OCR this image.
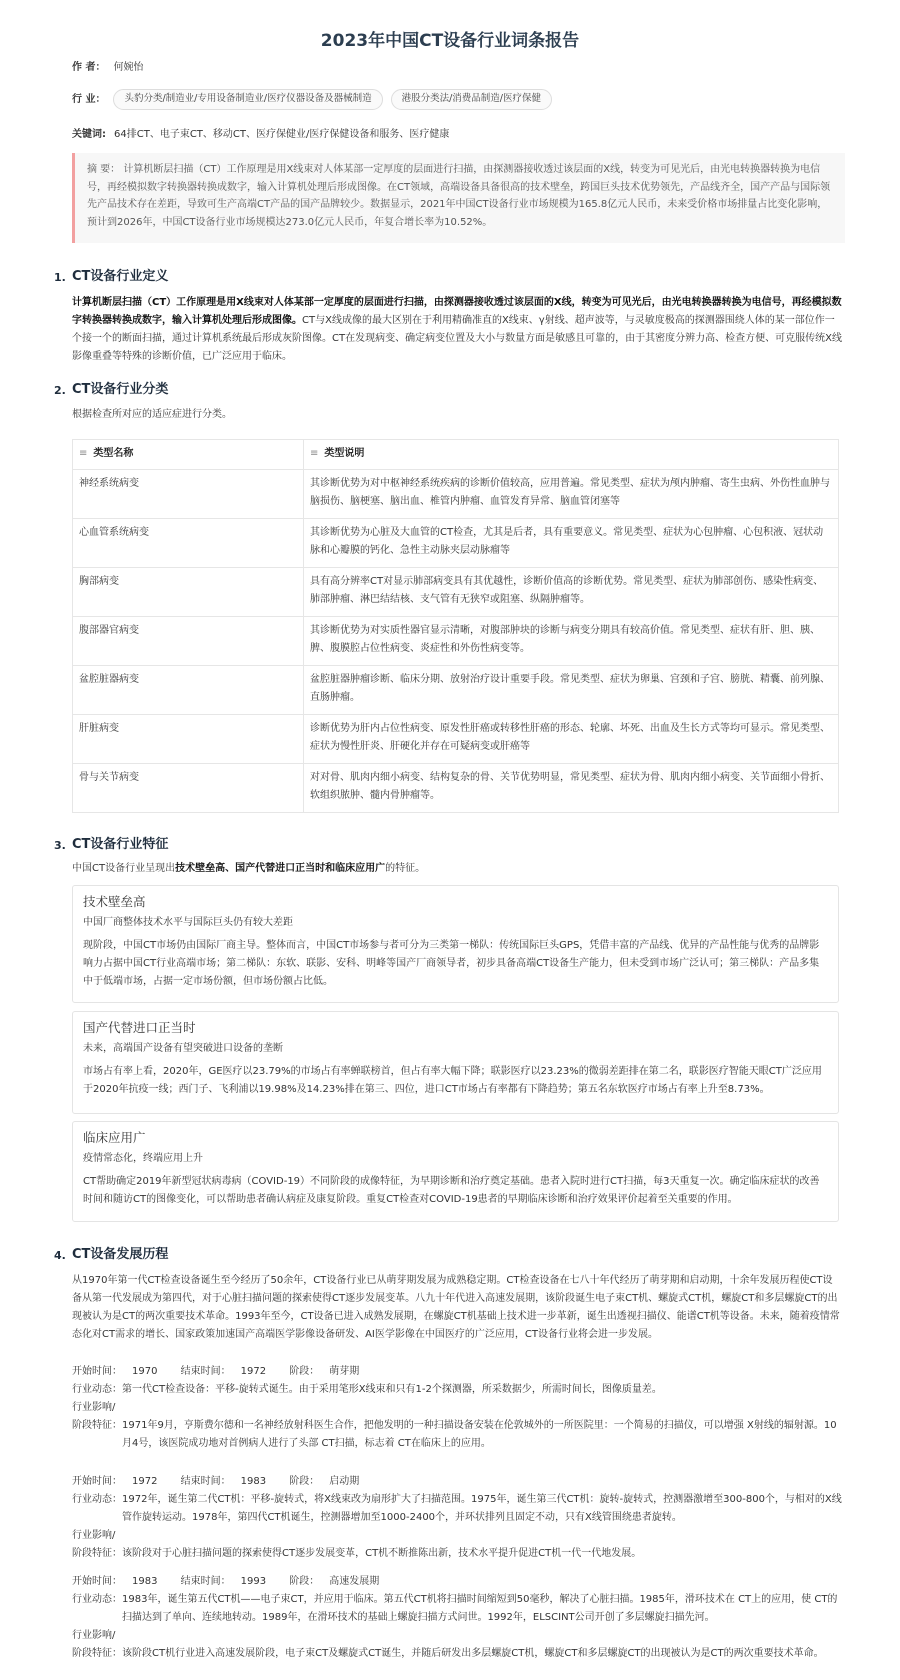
2023年中国CT设备行业词条报告
作 者： 何婉怡
行 业：	头豹分类/制造业/专用设备制造业/医疗仪器设备及器械制造	港股分类法/消费品制造/医疗保健
关键词: 64排CT、电子束CT、移动CT、医疗保健业/医疗保健设备和服务、医疗健康
摘 要： 计算机断层扫描（CT）工作原理是用X线束对人体某部一定厚度的层面进行扫描，由探测器接收透过该层面的X线，转变为可见光后，由光电转换器转换为电信号，再经模拟数字转换器转换成数字，输入计算机处理后形成图像。在CT领域，高端设备具备很高的技术壁垒，跨国巨头技术优势领先，产品线齐全，国产产品与国际领先产品技术存在差距，导致可生产高端CT产品的国产品牌较少。数据显示，2021年中国CT设备行业市场规模为165.8亿元人民币，未来受价格市场排量占比变化影响，预计到2026年，中国CT设备行业市场规模达273.0亿元人民币，年复合增长率为10.52%。
1. CT设备行业定义
计算机断层扫描（CT）工作原理是用X线束对人体某部一定厚度的层面进行扫描，由探测器接收透过该层面的X线，转变为可见光后，由光电转换器转换为电信号，再经模拟数字转换器转换成数字，输入计算机处理后形成图像。CT与X线成像的最大区别在于利用精确准直的X线束、γ射线、超声波等，与灵敏度极高的探测器围绕人体的某一部位作一个接一个的断面扫描，通过计算机系统最后形成灰阶图像。CT在发现病变、确定病变位置及大小与数量方面是敏感且可靠的，由于其密度分辨力高、检查方便、可克服传统X线影像重叠等特殊的诊断价值，已广泛应用于临床。
2. CT设备行业分类
根据检查所对应的适应症进行分类。
≡ 类型名称	≡ 类型说明
神经系统病变	其诊断优势为对中枢神经系统疾病的诊断价值较高，应用普遍。常见类型、症状为颅内肿瘤、寄生虫病、外伤性血肿与脑损伤、脑梗塞、脑出血、椎管内肿瘤、血管发育异常、脑血管闭塞等
心血管系统病变	其诊断优势为心脏及大血管的CT检查，尤其是后者，具有重要意义。常见类型、症状为心包肿瘤、心包积液、冠状动脉和心瓣膜的钙化、急性主动脉夹层动脉瘤等
胸部病变	具有高分辨率CT对显示肺部病变具有其优越性，诊断价值高的诊断优势。常见类型、症状为肺部创伤、感染性病变、肺部肿瘤、淋巴结结核、支气管有无狭窄或阻塞、纵隔肿瘤等。
腹部器官病变	其诊断优势为对实质性器官显示清晰，对腹部肿块的诊断与病变分期具有较高价值。常见类型、症状有肝、胆、胰、脾、腹膜腔占位性病变、炎症性和外伤性病变等。
盆腔脏器病变	盆腔脏器肿瘤诊断、临床分期、放射治疗设计重要手段。常见类型、症状为卵巢、宫颈和子宫、膀胱、精囊、前列腺、直肠肿瘤。
肝脏病变	诊断优势为肝内占位性病变、原发性肝癌或转移性肝癌的形态、轮廓、坏死、出血及生长方式等均可显示。常见类型、症状为慢性肝炎、肝硬化并存在可疑病变或肝癌等
骨与关节病变	对对骨、肌肉内细小病变、结构复杂的骨、关节优势明显，常见类型、症状为骨、肌肉内细小病变、关节面细小骨折、软组织脓肿、髓内骨肿瘤等。
3. CT设备行业特征
中国CT设备行业呈现出技术壁垒高、国产代替进口正当时和临床应用广的特征。
技术壁垒高
中国厂商整体技术水平与国际巨头仍有较大差距
现阶段，中国CT市场仍由国际厂商主导。整体而言，中国CT市场参与者可分为三类第一梯队：传统国际巨头GPS，凭借丰富的产品线、优异的产品性能与优秀的品牌影响力占据中国CT行业高端市场；第二梯队：东软、联影、安科、明峰等国产厂商领导者，初步具备高端CT设备生产能力，但未受到市场广泛认可；第三梯队：产品多集中于低端市场，占据一定市场份额，但市场份额占比低。
国产代替进口正当时
未来，高端国产设备有望突破进口设备的垄断
市场占有率上看，2020年，GE医疗以23.79%的市场占有率蝉联榜首，但占有率大幅下降；联影医疗以23.23%的微弱差距排在第二名，联影医疗智能天眼CT广泛应用于2020年抗疫一线；西门子、飞利浦以19.98%及14.23%排在第三、四位，进口CT市场占有率都有下降趋势；第五名东软医疗市场占有率上升至8.73%。
临床应用广
疫情常态化，终端应用上升
CT帮助确定2019年新型冠状病毒病（COVID-19）不同阶段的成像特征，为早期诊断和治疗奠定基础。患者入院时进行CT扫描，每3天重复一次。确定临床症状的改善时间和随访CT的图像变化，可以帮助患者确认病症及康复阶段。重复CT检查对COVID-19患者的早期临床诊断和治疗效果评价起着至关重要的作用。
4. CT设备发展历程
从1970年第一代CT检查设备诞生至今经历了50余年，CT设备行业已从萌芽期发展为成熟稳定期。CT检查设备在七八十年代经历了萌芽期和启动期，十余年发展历程使CT设备从第一代发展成为第四代，对于心脏扫描问题的探索使得CT逐步发展变革。八九十年代进入高速发展期，该阶段诞生电子束CT机、螺旋式CT机，螺旋CT和多层螺旋CT的出现被认为是CT的两次重要技术革命。1993年至今，CT设备已进入成熟发展期，在螺旋CT机基础上技术进一步革新，诞生出透视扫描仪、能谱CT机等设备。未来，随着疫情常态化对CT需求的增长、国家政策加速国产高端医学影像设备研发、AI医学影像在中国医疗的广泛应用，CT设备行业将会进一步发展。
开始时间： 1970 结束时间： 1972 阶段： 萌芽期
行业动态： 第一代CT检查设备：平移-旋转式诞生。由于采用笔形X线束和只有1-2个探测器，所采数据少，所需时间长，图像质量差。
行业影响/
阶段特征： 1971年9月，亨斯费尔德和一名神经放射科医生合作，把他发明的一种扫描设备安装在伦敦城外的一所医院里：一个简易的扫描仪，可以增强 X射线的辐射源。10月4号，该医院成功地对首例病人进行了头部 CT扫描，标志着 CT在临床上的应用。
开始时间： 1972 结束时间： 1983 阶段： 启动期
行业动态： 1972年，诞生第二代CT机：平移-旋转式，将X线束改为扇形扩大了扫描范围。1975年，诞生第三代CT机：旋转-旋转式，控测器激增至300-800个，与相对的X线管作旋转运动。1978年，第四代CT机诞生，控测器增加至1000-2400个，并环状排列且固定不动，只有X线管围绕患者旋转。
行业影响/
阶段特征： 该阶段对于心脏扫描问题的探索使得CT逐步发展变革，CT机不断推陈出新，技术水平提升促进CT机一代一代地发展。
开始时间： 1983 结束时间： 1993 阶段： 高速发展期
行业动态： 1983年，诞生第五代CT机——电子束CT，并应用于临床。第五代CT机将扫描时间缩短到50毫秒，解决了心脏扫描。1985年，滑环技术在 CT上的应用，使 CT的扫描达到了单向、连续地转动。1989年，在滑环技术的基础上螺旋扫描方式问世。1992年，ELSCINT公司开创了多层螺旋扫描先河。
行业影响/
阶段特征： 该阶段CT机行业进入高速发展阶段，电子束CT及螺旋式CT诞生，并随后研发出多层螺旋CT机，螺旋CT和多层螺旋CT的出现被认为是CT的两次重要技术革命。
